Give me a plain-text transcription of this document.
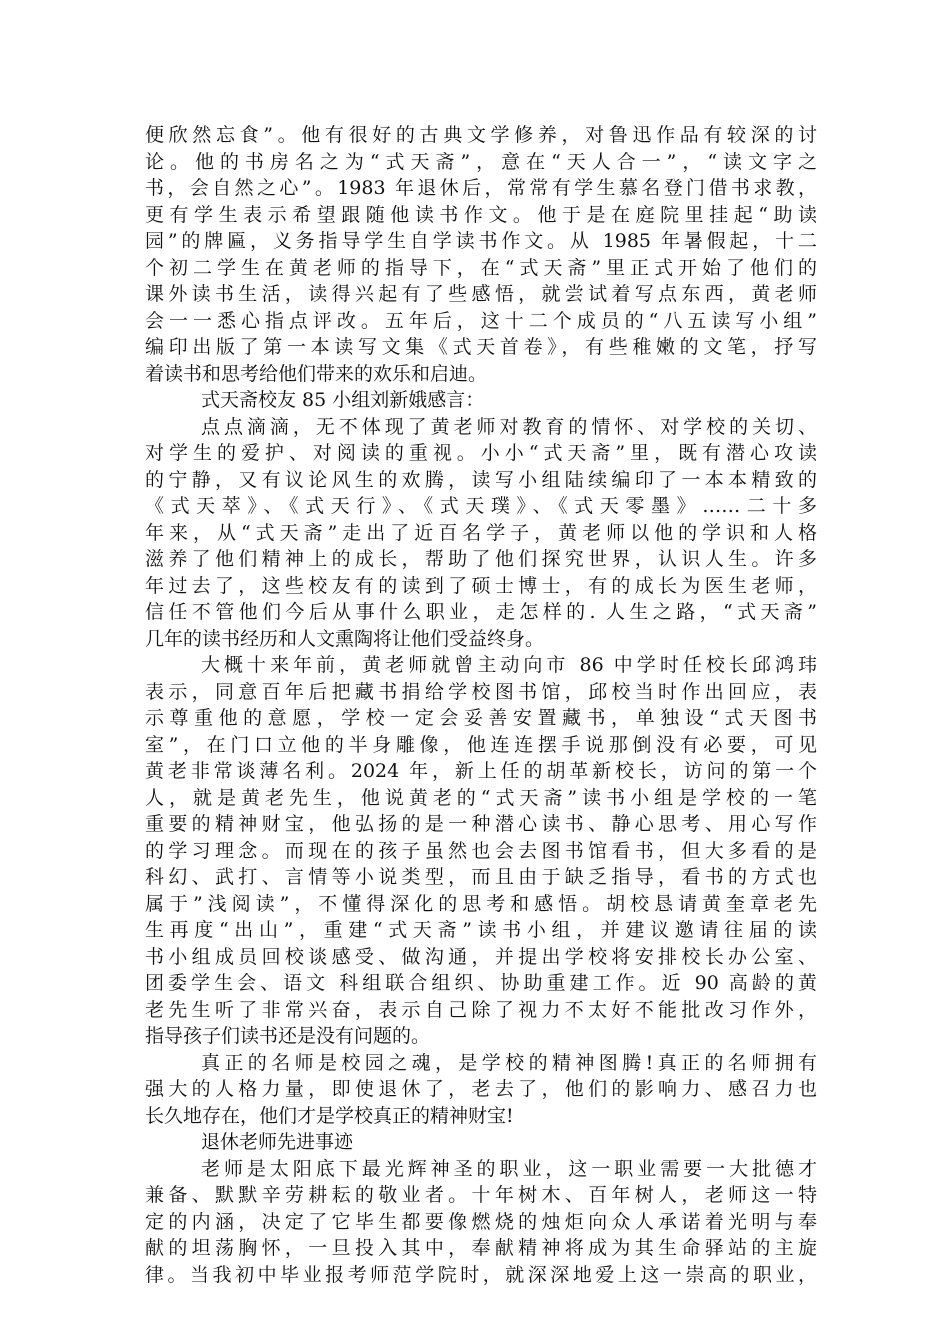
便欣然忘食”。他有很好的古典文学修养，对鲁迅作品有较深的讨
论。他的书房名之为“式天斋”，意在“天人合一”，“读文字之
书，会自然之心”。1983 年退休后，常常有学生慕名登门借书求教，
更有学生表示希望跟随他读书作文。他于是在庭院里挂起“助读
园”的牌匾，义务指导学生自学读书作文。从 1985 年暑假起，十二
个初二学生在黄老师的指导下，在“式天斋”里正式开始了他们的
课外读书生活，读得兴起有了些感悟，就尝试着写点东西，黄老师
会一一悉心指点评改。五年后，这十二个成员的“八五读写小组”
编印出版了第一本读写文集《式天首卷》，有些稚嫩的文笔，抒写
着读书和思考给他们带来的欢乐和启迪。
式天斋校友 85 小组刘新娥感言：
点点滴滴，无不体现了黄老师对教育的情怀、对学校的关切、
对学生的爱护、对阅读的重视。小小“式天斋”里，既有潜心攻读
的宁静，又有议论风生的欢腾，读写小组陆续编印了一本本精致的
《式天萃》、《式天行》、《式天璞》、《式天零墨》……二十多
年来，从“式天斋”走出了近百名学子，黄老师以他的学识和人格
滋养了他们精神上的成长，帮助了他们探究世界，认识人生。许多
年过去了，这些校友有的读到了硕士博士，有的成长为医生老师，
信任不管他们今后从事什么职业，走怎样的. 人生之路，“式天斋”
几年的读书经历和人文熏陶将让他们受益终身。
大概十来年前，黄老师就曾主动向市 86 中学时任校长邱鸿玮
表示，同意百年后把藏书捐给学校图书馆，邱校当时作出回应，表
示尊重他的意愿，学校一定会妥善安置藏书，单独设“式天图书
室”，在门口立他的半身雕像，他连连摆手说那倒没有必要，可见
黄老非常谈薄名利。2024 年，新上任的胡革新校长，访问的第一个
人，就是黄老先生，他说黄老的“式天斋”读书小组是学校的一笔
重要的精神财宝，他弘扬的是一种潜心读书、静心思考、用心写作
的学习理念。而现在的孩子虽然也会去图书馆看书，但大多看的是
科幻、武打、言情等小说类型，而且由于缺乏指导，看书的方式也
属于”浅阅读”，不懂得深化的思考和感悟。胡校恳请黄奎章老先
生再度“出山”，重建“式天斋”读书小组，并建议邀请往届的读
书小组成员回校谈感受、做沟通，并提出学校将安排校长办公室、
团委学生会、语文 科组联合组织、协助重建工作。近 90 高龄的黄
老先生听了非常兴奋，表示自己除了视力不太好不能批改习作外，
指导孩子们读书还是没有问题的。
真正的名师是校园之魂，是学校的精神图腾!真正的名师拥有
强大的人格力量，即使退休了，老去了，他们的影响力、感召力也
长久地存在，他们才是学校真正的精神财宝!
退休老师先进事迹
老师是太阳底下最光辉神圣的职业，这一职业需要一大批德才
兼备、默默辛劳耕耘的敬业者。十年树木、百年树人，老师这一特
定的内涵，决定了它毕生都要像燃烧的烛炬向众人承诺着光明与奉
献的坦荡胸怀，一旦投入其中，奉献精神将成为其生命驿站的主旋
律。当我初中毕业报考师范学院时，就深深地爱上这一崇高的职业，
